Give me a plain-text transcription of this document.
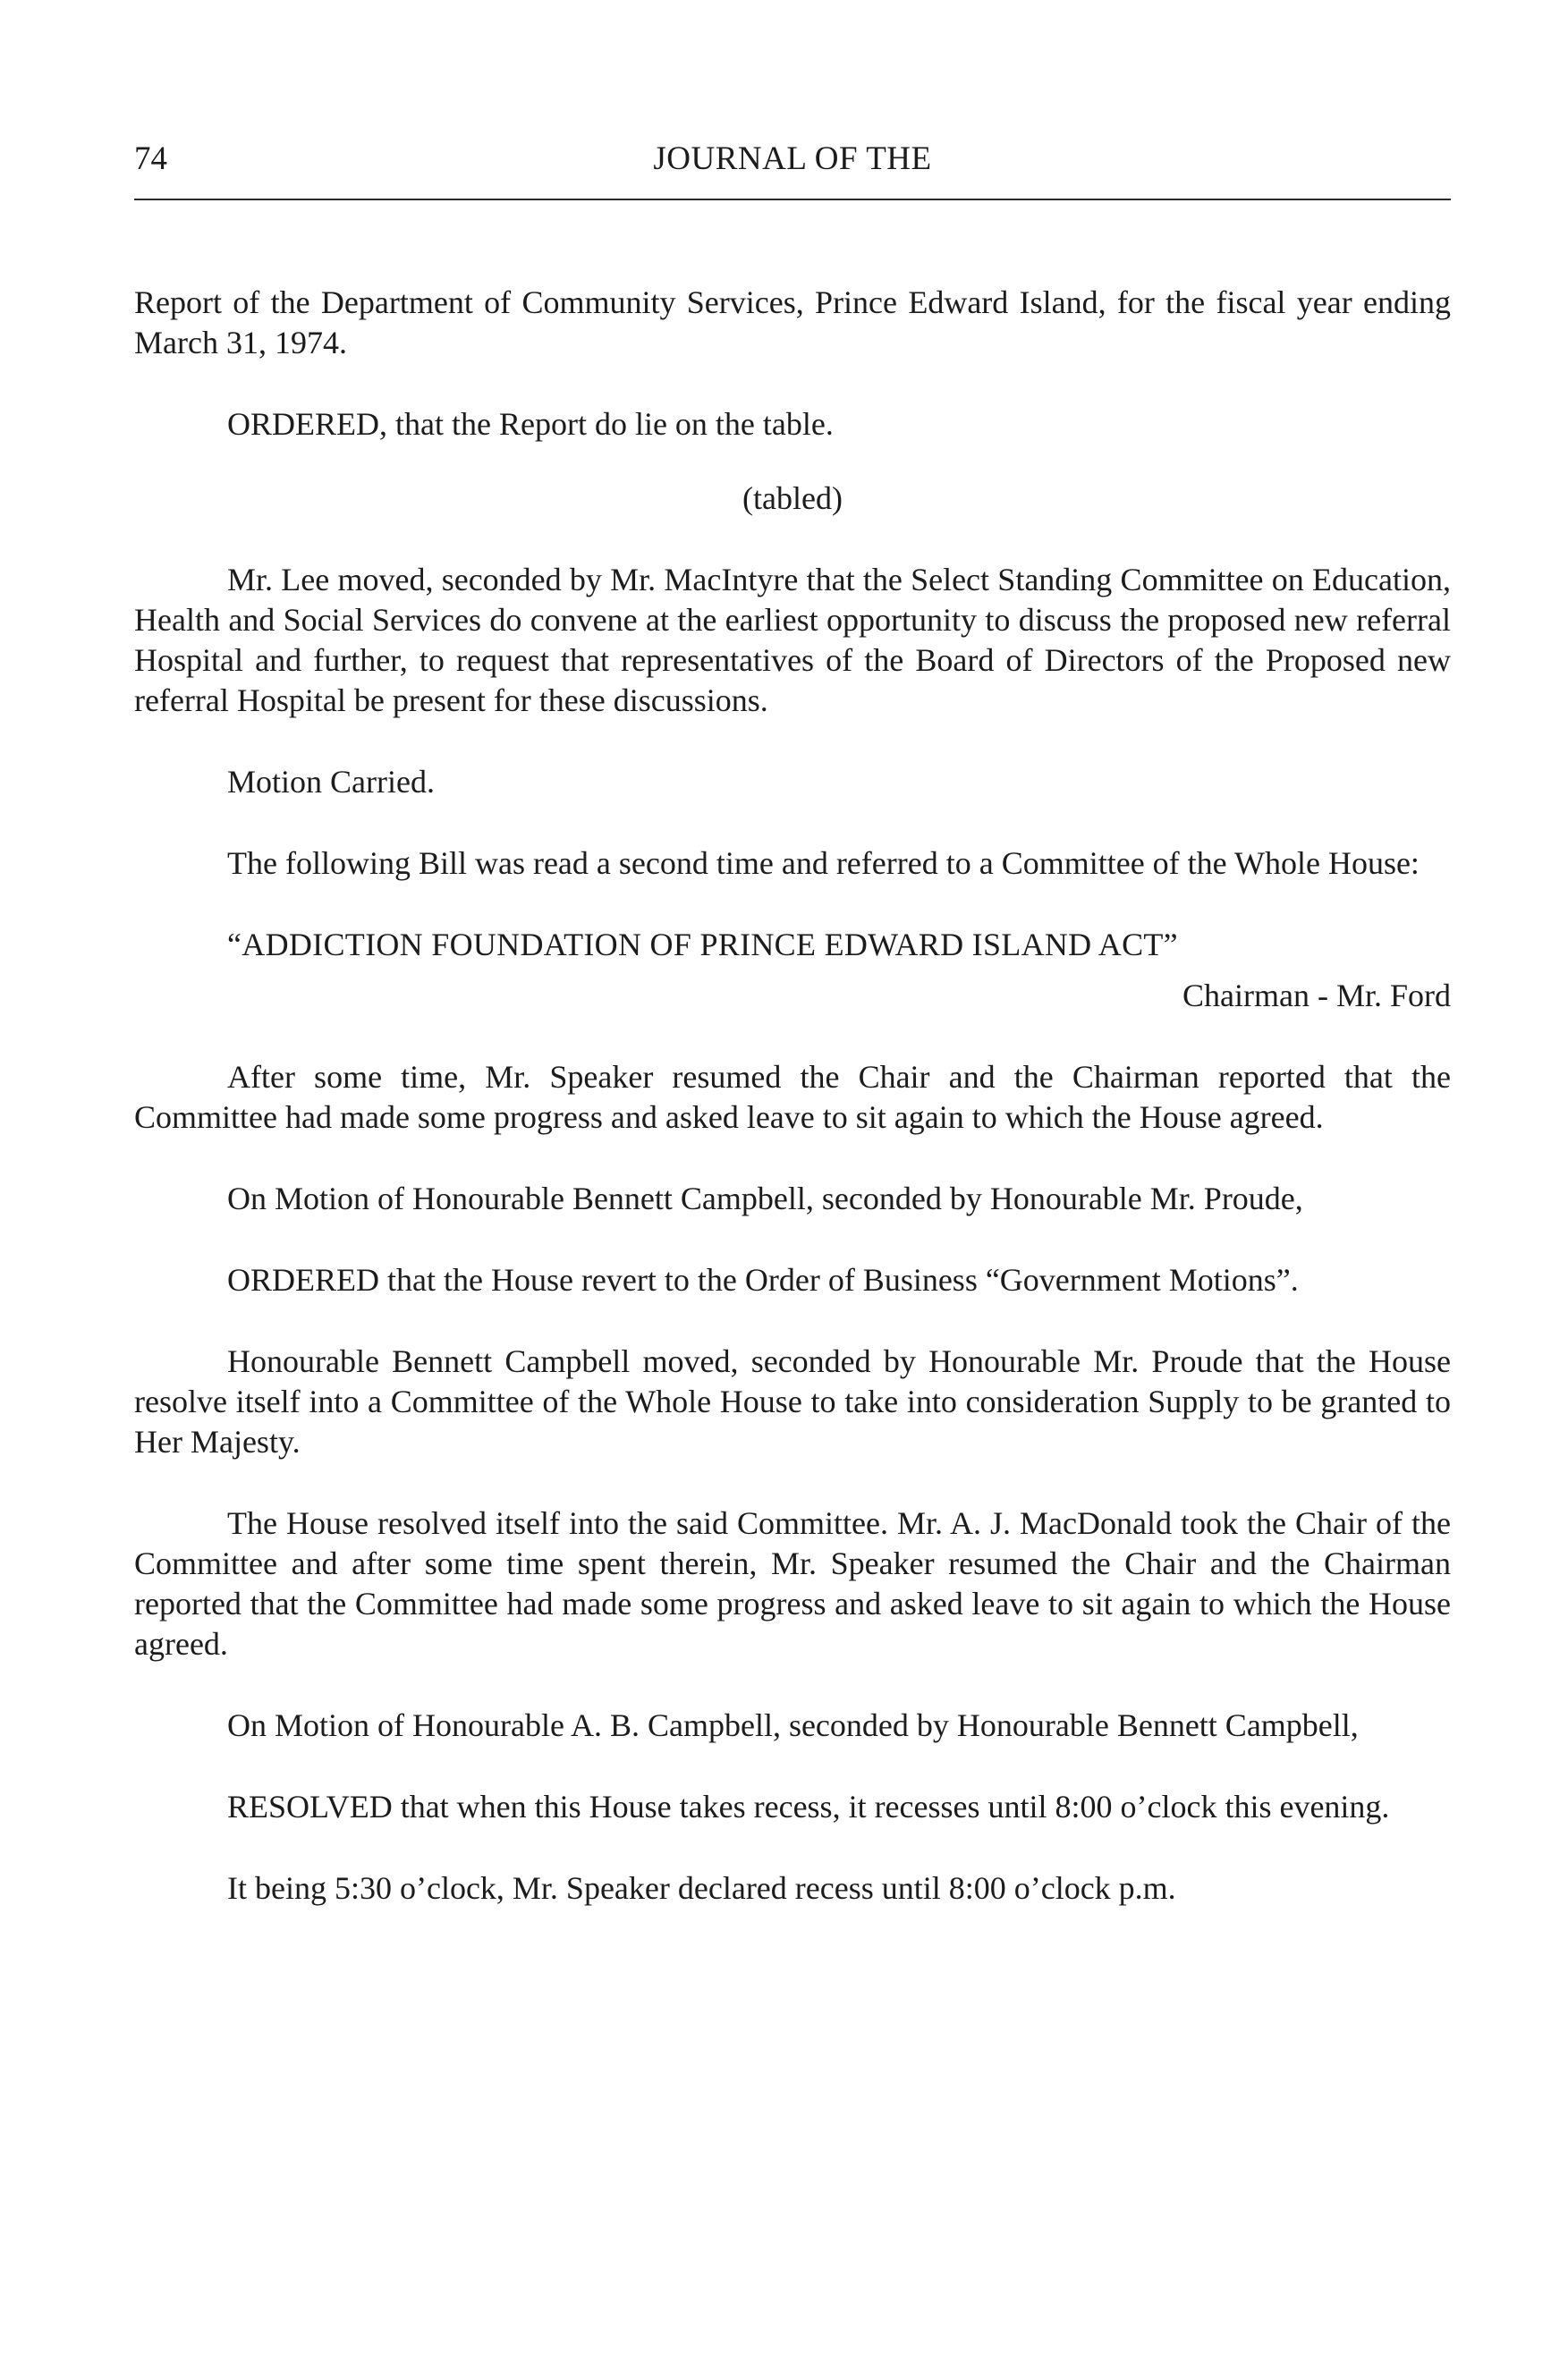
74	JOURNAL OF THE

Report of the Department of Community Services, Prince Edward Island, for the fiscal year ending March 31, 1974.

ORDERED, that the Report do lie on the table.

(tabled)

Mr. Lee moved, seconded by Mr. MacIntyre that the Select Standing Committee on Education, Health and Social Services do convene at the earliest opportunity to discuss the proposed new referral Hospital and further, to request that representatives of the Board of Directors of the Proposed new referral Hospital be present for these discussions.

Motion Carried.

The following Bill was read a second time and referred to a Committee of the Whole House:

“ADDICTION FOUNDATION OF PRINCE EDWARD ISLAND ACT”
Chairman - Mr. Ford

After some time, Mr. Speaker resumed the Chair and the Chairman reported that the Committee had made some progress and asked leave to sit again to which the House agreed.

On Motion of Honourable Bennett Campbell, seconded by Honourable Mr. Proude,

ORDERED that the House revert to the Order of Business “Government Motions”.

Honourable Bennett Campbell moved, seconded by Honourable Mr. Proude that the House resolve itself into a Committee of the Whole House to take into consideration Supply to be granted to Her Majesty.

The House resolved itself into the said Committee. Mr. A. J. MacDonald took the Chair of the Committee and after some time spent therein, Mr. Speaker resumed the Chair and the Chairman reported that the Committee had made some progress and asked leave to sit again to which the House agreed.

On Motion of Honourable A. B. Campbell, seconded by Honourable Bennett Campbell,

RESOLVED that when this House takes recess, it recesses until 8:00 o’clock this evening.

It being 5:30 o’clock, Mr. Speaker declared recess until 8:00 o’clock p.m.
